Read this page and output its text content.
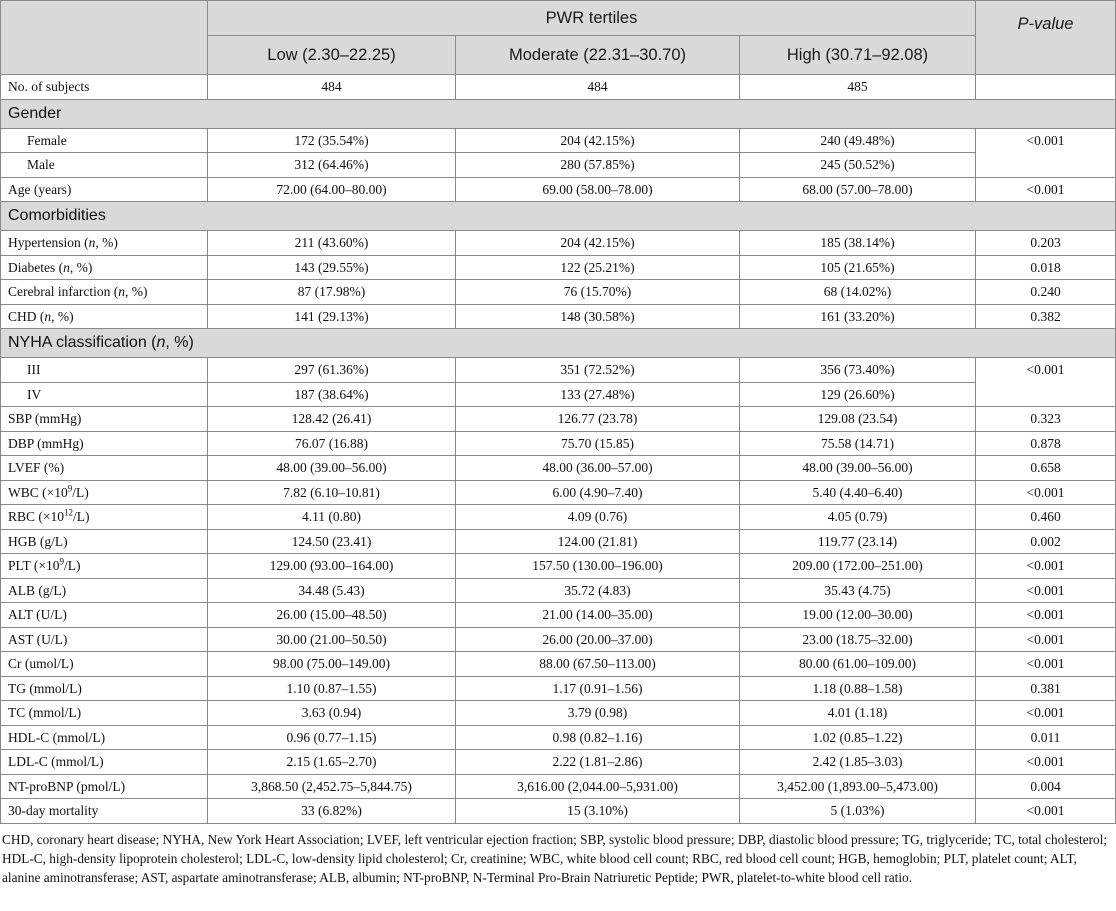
	PWR tertiles			P-value
	Low (2.30–22.25)	Moderate (22.31–30.70)	High (30.71–92.08)	
No. of subjects	484	484	485	
Gender				
Female	172 (35.54%)	204 (42.15%)	240 (49.48%)	<0.001
Male	312 (64.46%)	280 (57.85%)	245 (50.52%)	
Age (years)	72.00 (64.00–80.00)	69.00 (58.00–78.00)	68.00 (57.00–78.00)	<0.001
Comorbidities				
Hypertension (n, %)	211 (43.60%)	204 (42.15%)	185 (38.14%)	0.203
Diabetes (n, %)	143 (29.55%)	122 (25.21%)	105 (21.65%)	0.018
Cerebral infarction (n, %)	87 (17.98%)	76 (15.70%)	68 (14.02%)	0.240
CHD (n, %)	141 (29.13%)	148 (30.58%)	161 (33.20%)	0.382
NYHA classification (n, %)				
III	297 (61.36%)	351 (72.52%)	356 (73.40%)	<0.001
IV	187 (38.64%)	133 (27.48%)	129 (26.60%)	
SBP (mmHg)	128.42 (26.41)	126.77 (23.78)	129.08 (23.54)	0.323
DBP (mmHg)	76.07 (16.88)	75.70 (15.85)	75.58 (14.71)	0.878
LVEF (%)	48.00 (39.00–56.00)	48.00 (36.00–57.00)	48.00 (39.00–56.00)	0.658
WBC $(\times 10^9/L)$	7.82 (6.10–10.81)	6.00 (4.90–7.40)	5.40 (4.40–6.40)	<0.001
RBC $(\times 10^{12}/L)$	4.11 (0.80)	4.09 (0.76)	4.05 (0.79)	0.460
HGB (g/L)	124.50 (23.41)	124.00 (21.81)	119.77 (23.14)	0.002
PLT $(\times 10^9/L)$	129.00 (93.00–164.00)	157.50 (130.00–196.00)	209.00 (172.00–251.00)	<0.001
ALB (g/L)	34.48 (5.43)	35.72 (4.83)	35.43 (4.75)	<0.001
ALT (U/L)	26.00 (15.00–48.50)	21.00 (14.00–35.00)	19.00 (12.00–30.00)	<0.001
AST (U/L)	30.00 (21.00–50.50)	26.00 (20.00–37.00)	23.00 (18.75–32.00)	<0.001
Cr (umol/L)	98.00 (75.00–149.00)	88.00 (67.50–113.00)	80.00 (61.00–109.00)	<0.001
TG (mmol/L)	1.10 (0.87–1.55)	1.17 (0.91–1.56)	1.18 (0.88–1.58)	0.381
TC (mmol/L)	3.63 (0.94)	3.79 (0.98)	4.01 (1.18)	<0.001
HDL-C (mmol/L)	0.96 (0.77–1.15)	0.98 (0.82–1.16)	1.02 (0.85–1.22)	0.011
LDL-C (mmol/L)	2.15 (1.65–2.70)	2.22 (1.81–2.86)	2.42 (1.85–3.03)	<0.001
NT-proBNP (pmol/L)	3,868.50 (2,452.75–5,844.75)	3,616.00 (2,044.00–5,931.00)	3,452.00 (1,893.00–5,473.00)	0.004
30-day mortality	33 (6.82%)	15 (3.10%)	5 (1.03%)	<0.001

CHD, coronary heart disease; NYHA, New York Heart Association; LVEF, left ventricular ejection fraction; SBP, systolic blood pressure; DBP, diastolic blood pressure; TG, triglyceride; TC, total cholesterol; HDL-C, high-density lipoprotein cholesterol; LDL-C, low-density lipid cholesterol; Cr, creatinine; WBC, white blood cell count; RBC, red blood cell count; HGB, hemoglobin; PLT, platelet count; ALT, alanine aminotransferase; AST, aspartate aminotransferase; ALB, albumin; NT-proBNP, N-Terminal Pro-Brain Natriuretic Peptide; PWR, platelet-to-white blood cell ratio.
